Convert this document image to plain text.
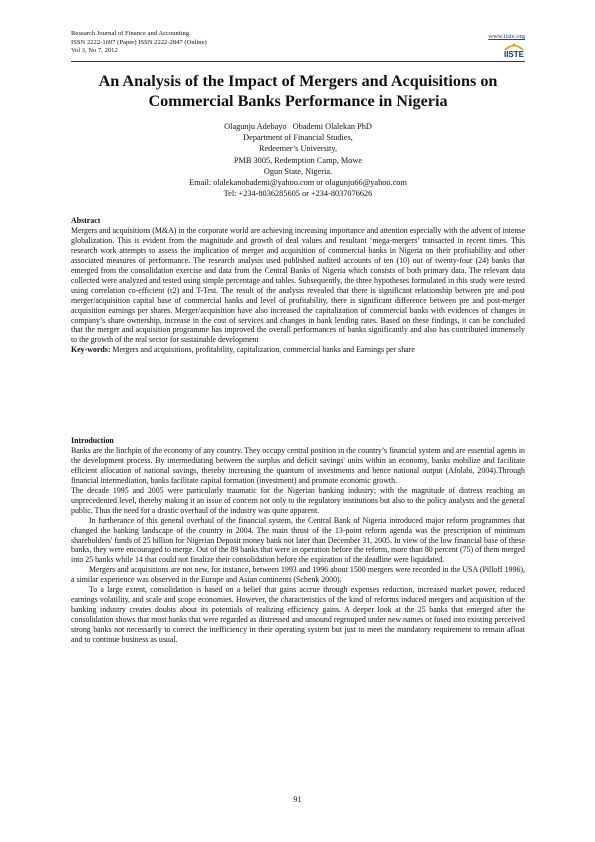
Research Journal of Finance and Accounting
ISSN 2222-1697 (Paper) ISSN 2222-2847 (Online)
Vol 3, No 7, 2012
www.iiste.org
IISTE
An Analysis of the Impact of Mergers and Acquisitions on
Commercial Banks Performance in Nigeria
Olagunju Adebayo Obademi Olalekan PhD
Department of Financial Studies,
Redeemer’s University,
PMB 3005, Redemption Camp, Mowe
Ogun State, Nigeria.
Email: olalekanobademi@yahoo.com or olagunju66@yahoo.com
Tel: +234-8036285605 or +234-8037076626

Abstract

Mergers and acquisitions (M&A) in the corporate world are achieving increasing importance and attention especially with the advent of intense globalization. This is evident from the magnitude and growth of deal values and resultant ‘mega-mergers’ transacted in recent times. This research work attempts to assess the implication of merger and acquisition of commercial banks in Nigeria on their profitability and other associated measures of performance. The research analysis used published audited accounts of ten (10) out of twenty-four (24) banks that emerged from the consolidation exercise and data from the Central Banks of Nigeria which consists of both primary data. The relevant data collected were analyzed and tested using simple percentage and tables. Subsequently, the three hypotheses formulated in this study were tested using correlation co-efficient (r2) and T-Test. The result of the analysis revealed that there is significant relationship between pre and post merger/acquisition capital base of commercial banks and level of profitability, there is significant difference between pre and post-merger acquisition earnings per shares. Merger/acquisition have also increased the capitalization of commercial banks with evidences of changes in company’s share ownership, increase in the cost of services and changes in bank lending rates. Based on these findings, it can be concluded that the merger and acquisition programme has improved the overall performances of banks significantly and also has contributed immensely to the growth of the real sector for sustainable development

Key-words: Mergers and acquisitions, profitability, capitalization, commercial banks and Earnings per share

Introduction

Banks are the linchpin of the economy of any country. They occupy central position in the country’s financial system and are essential agents in the development process. By intermediating between the surplus and deficit savings' units within an economy, banks mobilize and facilitate efficient allocation of national savings, thereby increasing the quantum of investments and hence national output (Afolabi, 2004).Through financial intermediation, banks facilitate capital formation (investment) and promote economic growth.

The decade 1995 and 2005 were particularly traumatic for the Nigerian banking industry; with the magnitude of distress reaching an unprecedented level, thereby making it an issue of concern not only to the regulatory institutions but also to the policy analysts and the general public. Thus the need for a drastic overhaul of the industry was quite apparent.

In furtherance of this general overhaul of the financial system, the Central Bank of Nigeria introduced major reform programmes that changed the banking landscape of the country in 2004. The main thrust of the 13-point reform agenda was the prescription of minimum shareholders' funds of 25 billion for Nigerian Deposit money bank not later than December 31, 2005. In view of the low financial base of these banks, they were encouraged to merge. Out of the 89 banks that were in operation before the reform, more than 80 percent (75) of them merged into 25 banks while 14 that could not finalize their consolidation before the expiration of the deadline were liquidated.

Mergers and acquisitions are not new, for instance, between 1993 and 1996 about 1500 mergers were recorded in the USA (Pilloff 1996), a similar experience was observed in the Europe and Asian continents (Schenk 2000).

To a large extent, consolidation is based on a belief that gains accrue through expenses reduction, increased market power, reduced earnings volatility, and scale and scope economies. However, the characteristics of the kind of reforms induced mergers and acquisition of the banking industry creates doubts about its potentials of realizing efficiency gains. A deeper look at the 25 banks that emerged after the consolidation shows that most banks that were regarded as distressed and unsound regrouped under new names or fused into existing perceived strong banks not necessarily to correct the inefficiency in their operating system but just to meet the mandatory requirement to remain afloat and to continue business as usual.

91
